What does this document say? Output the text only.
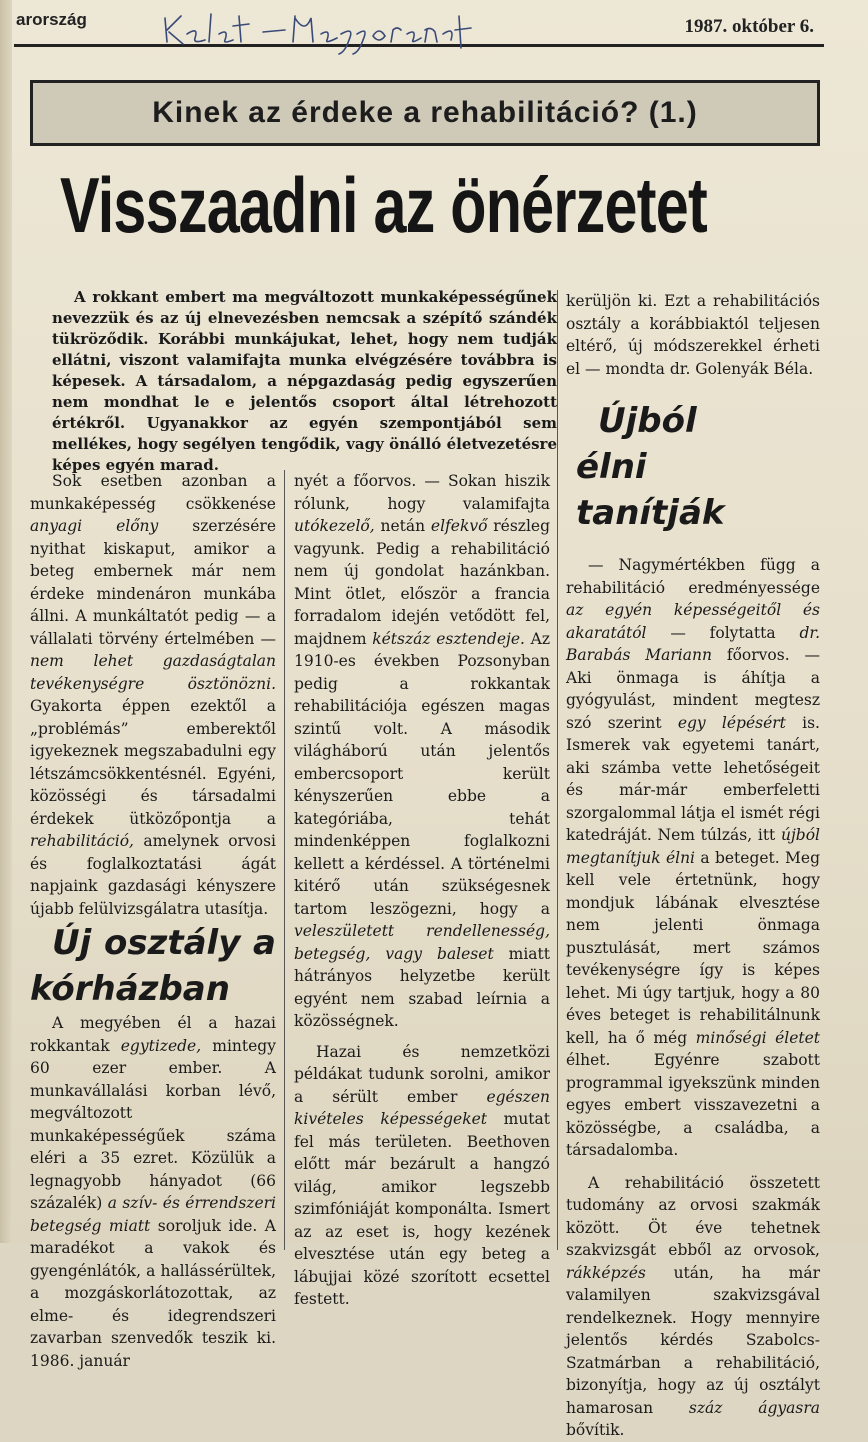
arország	1987. október 6.
Kinek az érdeke a rehabilitáció? (1.)
Visszaadni az önérzetet
A rokkant embert ma megváltozott munkaképességűnek nevezzük és az új elnevezésben nemcsak a szépítő szándék tükröződik. Korábbi munkájukat, lehet, hogy nem tudják ellátni, viszont valamifajta munka elvégzésére továbbra is képesek. A társadalom, a népgazdaság pedig egyszerűen nem mondhat le e jelentős csoport által létrehozott értékről. Ugyanakkor az egyén szempontjából sem mellékes, hogy segélyen tengődik, vagy önálló életvezetésre képes egyén marad.

Sok esetben azonban a munkaképesség csökkenése anyagi előny szerzésére nyithat kiskaput, amikor a beteg embernek már nem érdeke mindenáron munkába állni. A munkáltatót pedig — a vállalati törvény értelmében — nem lehet gazdaságtalan tevékenységre ösztönözni. Gyakorta éppen ezektől a „problémás” emberektől igyekeznek megszabadulni egy létszámcsökkentésnél. Egyéni, közösségi és társadalmi érdekek ütközőpontja a rehabilitáció, amelynek orvosi és foglalkoztatási ágát napjaink gazdasági kényszere újabb felülvizsgálatra utasítja.

Új osztály a kórházban

A megyében él a hazai rokkantak egytizede, mintegy 60 ezer ember. A munkavállalási korban lévő, megváltozott munkaképességűek száma eléri a 35 ezret. Közülük a legnagyobb hányadot (66 százalék) a szív- és érrendszeri betegség miatt soroljuk ide. A maradékot a vakok és gyengénlátók, a hallássérültek, a mozgáskorlátozottak, az elme- és idegrendszeri zavarban szenvedők teszik ki. 1986. január

nyét a főorvos. — Sokan hiszik rólunk, hogy valamifajta utókezelő, netán elfekvő részleg vagyunk. Pedig a rehabilitáció nem új gondolat hazánkban. Mint ötlet, először a francia forradalom idején vetődött fel, majdnem kétszáz esztendeje. Az 1910-es években Pozsonyban pedig a rokkantak rehabilitációja egészen magas szintű volt. A második világháború után jelentős embercsoport került kényszerűen ebbe a kategóriába, tehát mindenképpen foglalkozni kellett a kérdéssel. A történelmi kitérő után szükségesnek tartom leszögezni, hogy a veleszületett rendellenesség, betegség, vagy baleset miatt hátrányos helyzetbe került egyént nem szabad leírnia a közösségnek.

Hazai és nemzetközi példákat tudunk sorolni, amikor a sérült ember egészen kivételes képességeket mutat fel más területen. Beethoven előtt már bezárult a hangzó világ, amikor legszebb szimfóniáját komponálta. Ismert az az eset is, hogy kezének elvesztése után egy beteg a lábujjai közé szorított ecsettel festett.

kerüljön ki. Ezt a rehabilitációs osztály a korábbiaktól teljesen eltérő, új módszerekkel érheti el — mondta dr. Golenyák Béla.

Újból élni tanítják

— Nagymértékben függ a rehabilitáció eredményessége az egyén képességeitől és akaratától — folytatta dr. Barabás Mariann főorvos. — Aki önmaga is áhítja a gyógyulást, mindent megtesz szó szerint egy lépésért is. Ismerek vak egyetemi tanárt, aki számba vette lehetőségeit és már-már emberfeletti szorgalommal látja el ismét régi katedráját. Nem túlzás, itt újból megtanítjuk élni a beteget. Meg kell vele értetnünk, hogy mondjuk lábának elvesztése nem jelenti önmaga pusztulását, mert számos tevékenységre így is képes lehet. Mi úgy tartjuk, hogy a 80 éves beteget is rehabilitálnunk kell, ha ő még minőségi életet élhet. Egyénre szabott programmal igyekszünk minden egyes embert visszavezetni a közösségbe, a családba, a társadalomba.

A rehabilitáció összetett tudomány az orvosi szakmák között. Öt éve tehetnek szakvizsgát ebből az orvosok, rákképzés után, ha már valamilyen szakvizsgával rendelkeznek. Hogy mennyire jelentős kérdés Szabolcs-Szatmárban a rehabilitáció, bizonyítja, hogy az új osztályt hamarosan száz ágyasra bővítik.
